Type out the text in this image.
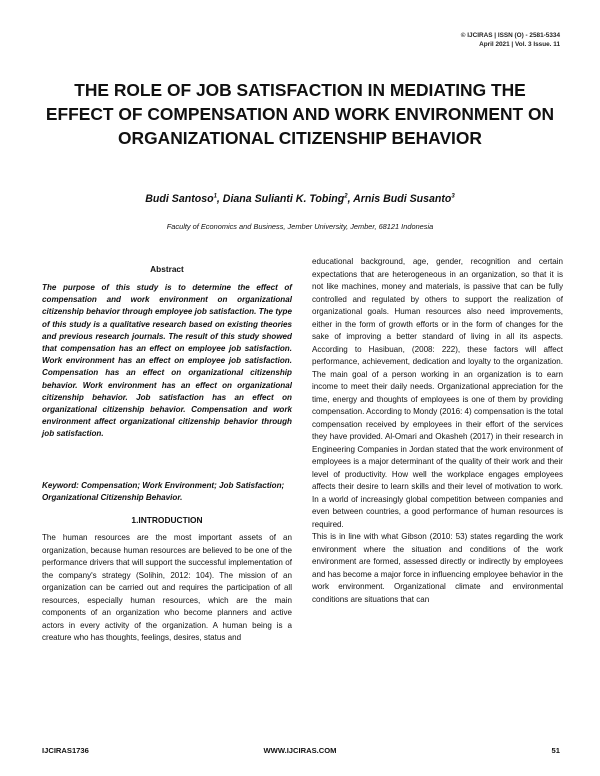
© IJCIRAS | ISSN (O) - 2581-5334
April 2021 | Vol. 3 Issue. 11
THE ROLE OF JOB SATISFACTION IN MEDIATING THE EFFECT OF COMPENSATION AND WORK ENVIRONMENT ON ORGANIZATIONAL CITIZENSHIP BEHAVIOR
Budi Santoso$^1$, Diana Sulianti K. Tobing$^2$, Arnis Budi Susanto$^3$
Faculty of Economics and Business, Jember University, Jember, 68121 Indonesia
Abstract
The purpose of this study is to determine the effect of compensation and work environment on organizational citizenship behavior through employee job satisfaction. The type of this study is a qualitative research based on existing theories and previous research journals. The result of this study showed that compensation has an effect on employee job satisfaction. Work environment has an effect on employee job satisfaction. Compensation has an effect on organizational citizenship behavior. Work environment has an effect on organizational citizenship behavior. Job satisfaction has an effect on organizational citizenship behavior. Compensation and work environment affect organizational citizenship behavior through job satisfaction.
Keyword: Compensation; Work Environment; Job Satisfaction; Organizational Citizenship Behavior.
1.INTRODUCTION
The human resources are the most important assets of an organization, because human resources are believed to be one of the performance drivers that will support the successful implementation of the company's strategy (Solihin, 2012: 104). The mission of an organization can be carried out and requires the participation of all resources, especially human resources, which are the main components of an organization who become planners and active actors in every activity of the organization. A human being is a creature who has thoughts, feelings, desires, status and

educational background, age, gender, recognition and certain expectations that are heterogeneous in an organization, so that it is not like machines, money and materials, is passive that can be fully controlled and regulated by others to support the realization of organizational goals. Human resources also need improvements, either in the form of growth efforts or in the form of changes for the sake of improving a better standard of living in all its aspects. According to Hasibuan, (2008: 222), these factors will affect performance, achievement, dedication and loyalty to the organization. The main goal of a person working in an organization is to earn income to meet their daily needs. Organizational appreciation for the time, energy and thoughts of employees is one of them by providing compensation. According to Mondy (2016: 4) compensation is the total compensation received by employees in their effort of the services they have provided. Al-Omari and Okasheh (2017) in their research in Engineering Companies in Jordan stated that the work environment of employees is a major determinant of the quality of their work and their level of productivity. How well the workplace engages employees affects their desire to learn skills and their level of motivation to work. In a world of increasingly global competition between companies and even between countries, a good performance of human resources is required.

This is in line with what Gibson (2010: 53) states regarding the work environment where the situation and conditions of the work environment are formed, assessed directly or indirectly by employees and has become a major force in influencing employee behavior in the work environment. Organizational climate and environmental conditions are situations that can

IJCIRAS1736	WWW.IJCIRAS.COM	51
